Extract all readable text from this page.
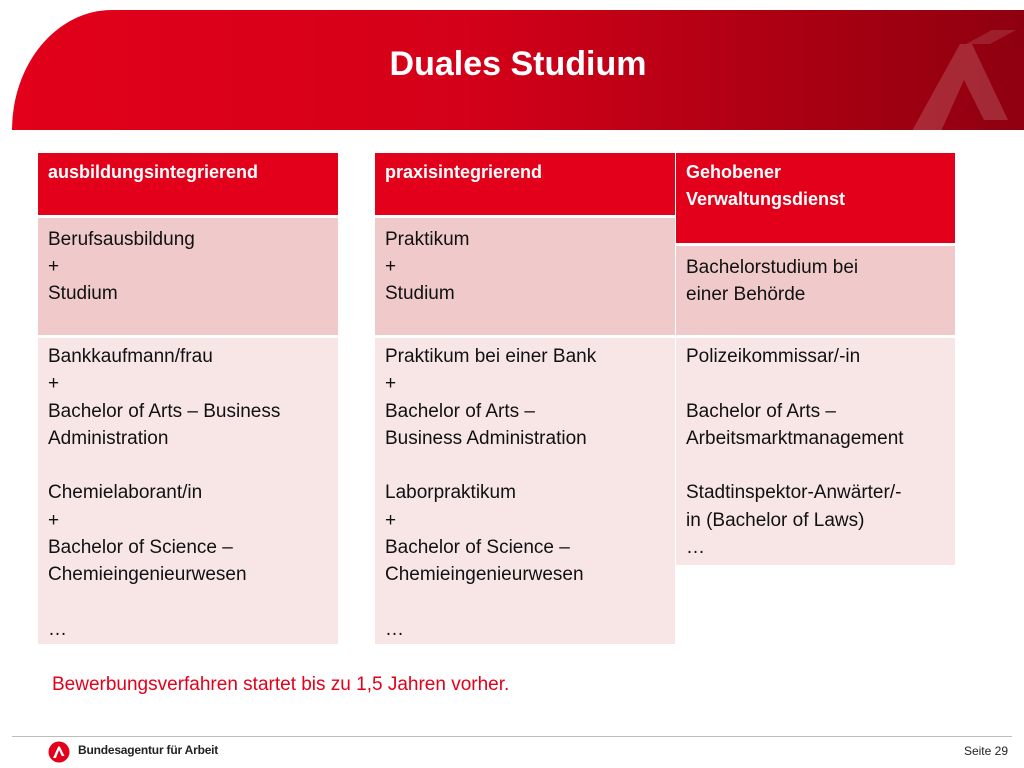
Duales Studium
ausbildungsintegrierend
Berufsausbildung
+
Studium
Bankkaufmann/frau
+
Bachelor of Arts – Business Administration

Chemielaborant/in
+
Bachelor of Science – Chemieingenieurwesen

…
praxisintegrierend
Praktikum
+
Studium
Praktikum bei einer Bank
+
Bachelor of Arts –
Business Administration

Laborpraktikum
+
Bachelor of Science –
Chemieingenieurwesen

…
Gehobener
Verwaltungsdienst
Bachelorstudium bei
einer Behörde
Polizeikommissar/-in

Bachelor of Arts –
Arbeitsmarktmanagement

Stadtinspektor-Anwärter/-
in (Bachelor of Laws)
…
Bewerbungsverfahren startet bis zu 1,5 Jahren vorher.
Bundesagentur für Arbeit	Seite 29
